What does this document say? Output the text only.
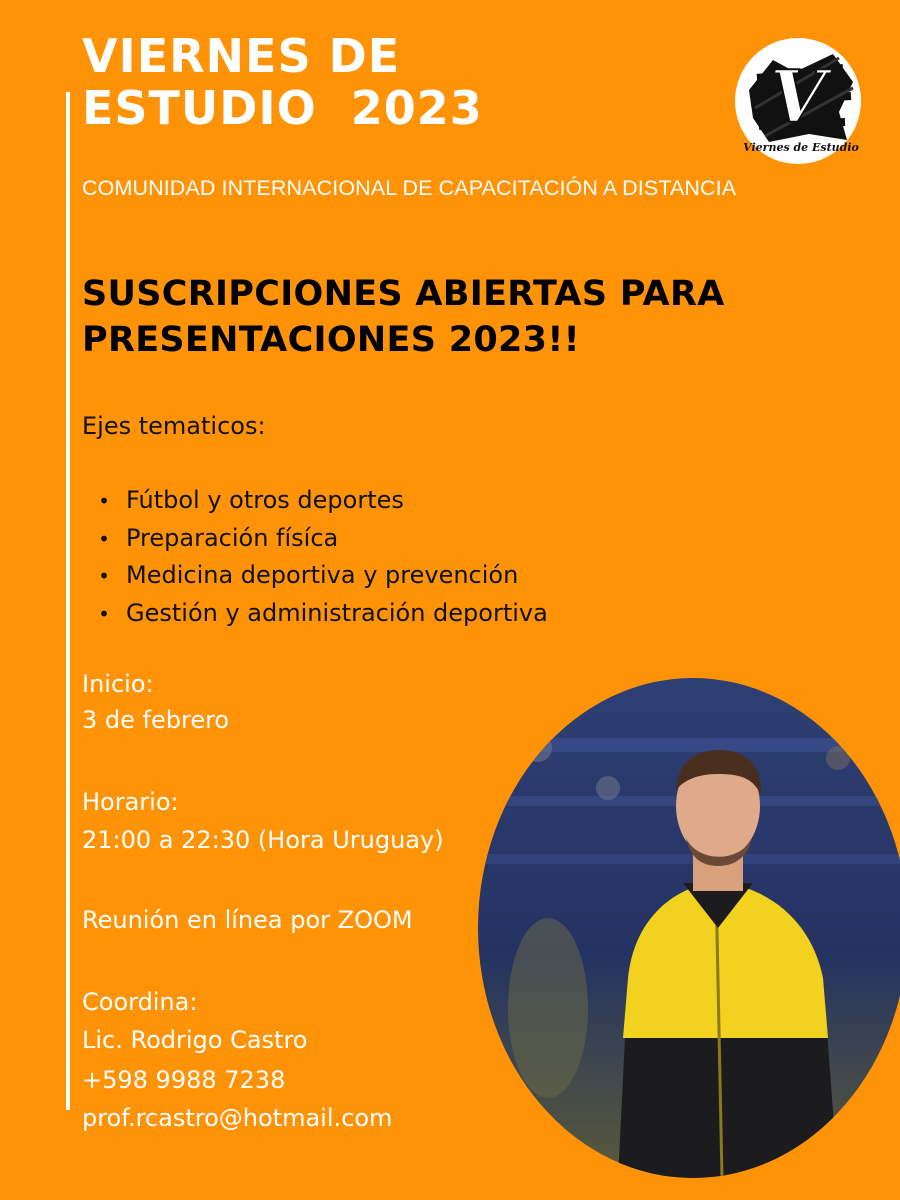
VIERNES DE
ESTUDIO  2023	V
Viernes de Estudio

COMUNIDAD INTERNACIONAL DE CAPACITACIÓN A DISTANCIA

SUSCRIPCIONES ABIERTAS PARA
PRESENTACIONES 2023!!

Ejes tematicos:

• Fútbol y otros deportes
• Preparación físíca
• Medicina deportiva y prevención
• Gestión y administración deportiva

Inicio:

3 de febrero

Horario:

21:00 a 22:30 (Hora Uruguay)

Reunión en línea por ZOOM

Coordina:

Lic. Rodrigo Castro

+598 9988 7238

prof.rcastro@hotmail.com
